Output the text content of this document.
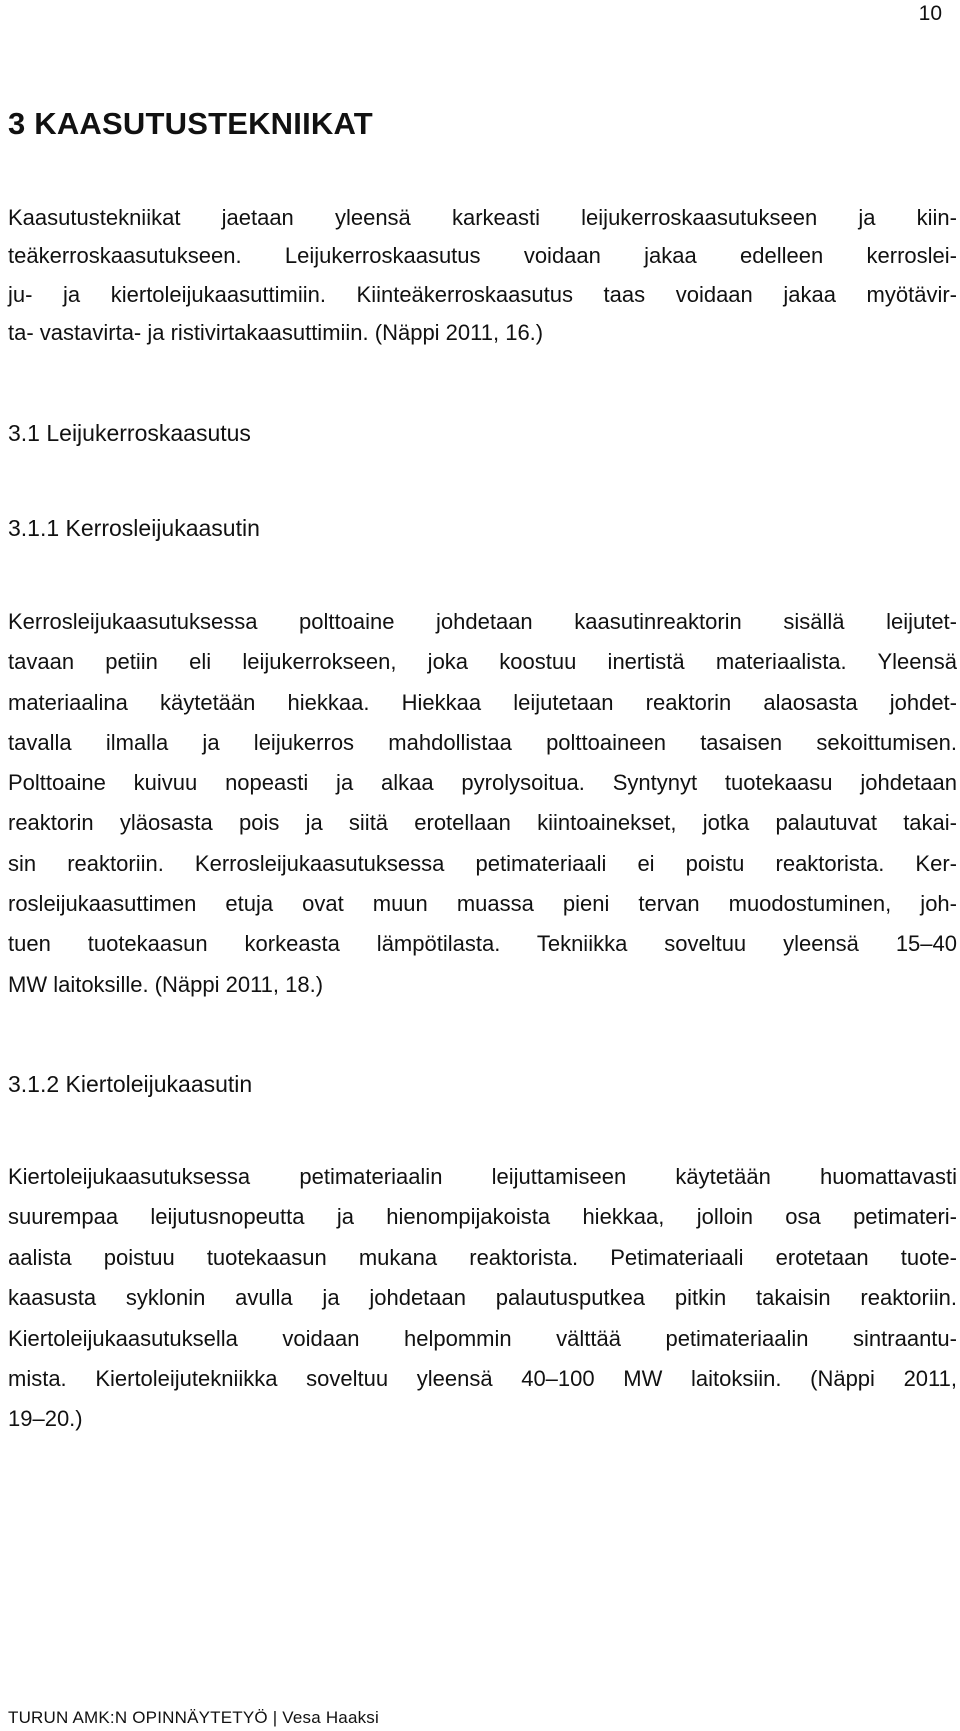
10
3 KAASUTUSTEKNIIKAT
Kaasutustekniikat jaetaan yleensä karkeasti leijukerroskaasutukseen ja kiin-
teäkerroskaasutukseen. Leijukerroskaasutus voidaan jakaa edelleen kerroslei-
ju- ja kiertoleijukaasuttimiin. Kiinteäkerroskaasutus taas voidaan jakaa myötävir-
ta- vastavirta- ja ristivirtakaasuttimiin. (Näppi 2011, 16.)
3.1 Leijukerroskaasutus
3.1.1 Kerrosleijukaasutin
Kerrosleijukaasutuksessa polttoaine johdetaan kaasutinreaktorin sisällä leijutet-
tavaan petiin eli leijukerrokseen, joka koostuu inertistä materiaalista. Yleensä
materiaalina käytetään hiekkaa. Hiekkaa leijutetaan reaktorin alaosasta johdet-
tavalla ilmalla ja leijukerros mahdollistaa polttoaineen tasaisen sekoittumisen.
Polttoaine kuivuu nopeasti ja alkaa pyrolysoitua. Syntynyt tuotekaasu johdetaan
reaktorin yläosasta pois ja siitä erotellaan kiintoainekset, jotka palautuvat takai-
sin reaktoriin. Kerrosleijukaasutuksessa petimateriaali ei poistu reaktorista. Ker-
rosleijukaasuttimen etuja ovat muun muassa pieni tervan muodostuminen, joh-
tuen tuotekaasun korkeasta lämpötilasta. Tekniikka soveltuu yleensä 15–40
MW laitoksille. (Näppi 2011, 18.)
3.1.2 Kiertoleijukaasutin
Kiertoleijukaasutuksessa petimateriaalin leijuttamiseen käytetään huomattavasti
suurempaa leijutusnopeutta ja hienompijakoista hiekkaa, jolloin osa petimateri-
aalista poistuu tuotekaasun mukana reaktorista. Petimateriaali erotetaan tuote-
kaasusta syklonin avulla ja johdetaan palautusputkea pitkin takaisin reaktoriin.
Kiertoleijukaasutuksella voidaan helpommin välttää petimateriaalin sintraantu-
mista. Kiertoleijutekniikka soveltuu yleensä 40–100 MW laitoksiin. (Näppi 2011,
19–20.)
TURUN AMK:N OPINNÄYTETYÖ | Vesa Haaksi
